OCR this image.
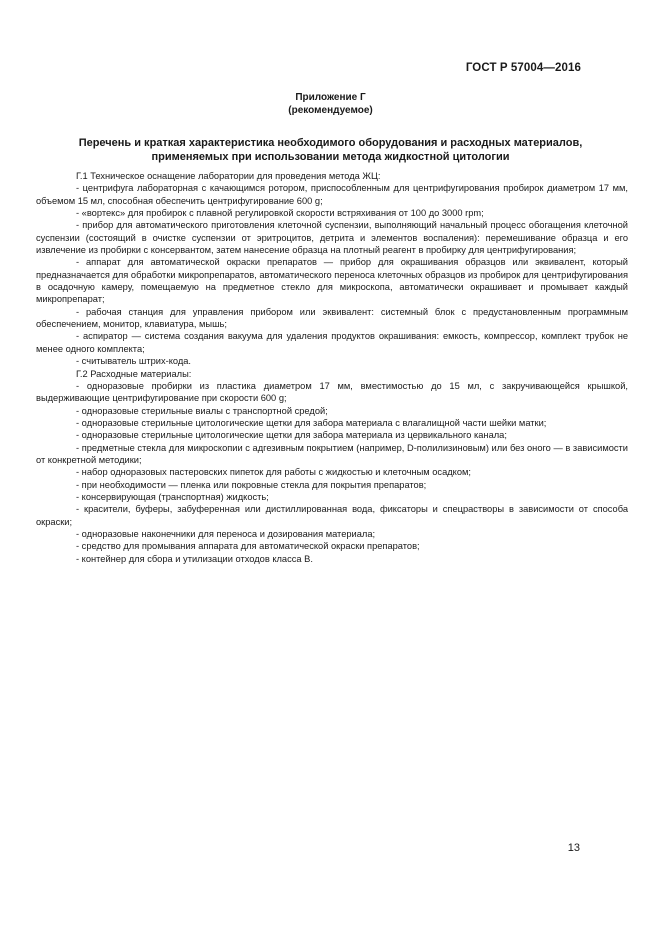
ГОСТ Р 57004—2016
Приложение Г
(рекомендуемое)
Перечень и краткая характеристика необходимого оборудования и расходных материалов,
применяемых при использовании метода жидкостной цитологии

Г.1 Техническое оснащение лаборатории для проведения метода ЖЦ:

- центрифуга лабораторная с качающимся ротором, приспособленным для центрифугирования пробирок диаметром 17 мм, объемом 15 мл, способная обеспечить центрифугирование 600 g;

- «вортекс» для пробирок с плавной регулировкой скорости встряхивания от 100 до 3000 rpm;

- прибор для автоматического приготовления клеточной суспензии, выполняющий начальный процесс обогащения клеточной суспензии (состоящий в очистке суспензии от эритроцитов, детрита и элементов воспаления): перемешивание образца и его извлечение из пробирки с консервантом, затем нанесение образца на плотный реагент в пробирку для центрифугирования;

- аппарат для автоматической окраски препаратов — прибор для окрашивания образцов или эквивалент, который предназначается для обработки микропрепаратов, автоматического переноса клеточных образцов из пробирок для центрифугирования в осадочную камеру, помещаемую на предметное стекло для микроскопа, автоматически окрашивает и промывает каждый микропрепарат;

- рабочая станция для управления прибором или эквивалент: системный блок с предустановленным программным обеспечением, монитор, клавиатура, мышь;

- аспиратор — система создания вакуума для удаления продуктов окрашивания: емкость, компрессор, комплект трубок не менее одного комплекта;

- считыватель штрих-кода.

Г.2 Расходные материалы:

- одноразовые пробирки из пластика диаметром 17 мм, вместимостью до 15 мл, с закручивающейся крышкой, выдерживающие центрифугирование при скорости 600 g;

- одноразовые стерильные виалы с транспортной средой;

- одноразовые стерильные цитологические щетки для забора материала с влагалищной части шейки матки;

- одноразовые стерильные цитологические щетки для забора материала из цервикального канала;

- предметные стекла для микроскопии с адгезивным покрытием (например, D-полилизиновым) или без оного — в зависимости от конкретной методики;

- набор одноразовых пастеровских пипеток для работы с жидкостью и клеточным осадком;

- при необходимости — пленка или покровные стекла для покрытия препаратов;

- консервирующая (транспортная) жидкость;

- красители, буферы, забуференная или дистиллированная вода, фиксаторы и спецрастворы в зависимости от способа окраски;

- одноразовые наконечники для переноса и дозирования материала;

- средство для промывания аппарата для автоматической окраски препаратов;

- контейнер для сбора и утилизации отходов класса В.

13
